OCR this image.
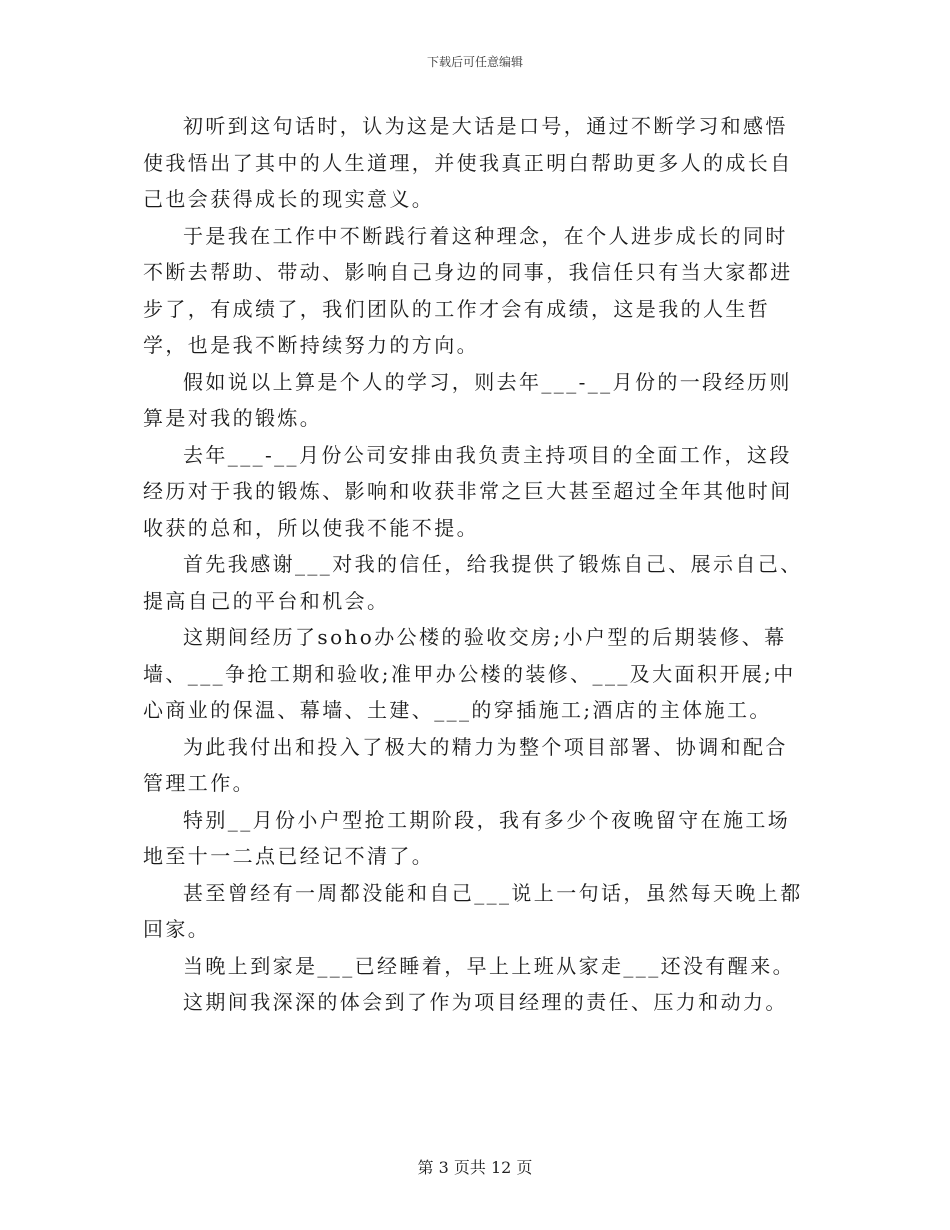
下载后可任意编辑

初听到这句话时，认为这是大话是口号，通过不断学习和感悟使我悟出了其中的人生道理，并使我真正明白帮助更多人的成长自己也会获得成长的现实意义。

于是我在工作中不断践行着这种理念，在个人进步成长的同时不断去帮助、带动、影响自己身边的同事，我信任只有当大家都进步了，有成绩了，我们团队的工作才会有成绩，这是我的人生哲学，也是我不断持续努力的方向。

假如说以上算是个人的学习，则去年___-__月份的一段经历则算是对我的锻炼。

去年___-__月份公司安排由我负责主持项目的全面工作，这段经历对于我的锻炼、影响和收获非常之巨大甚至超过全年其他时间收获的总和，所以使我不能不提。

首先我感谢___对我的信任，给我提供了锻炼自己、展示自己、提高自己的平台和机会。

这期间经历了soho办公楼的验收交房;小户型的后期装修、幕墙、___争抢工期和验收;准甲办公楼的装修、___及大面积开展;中心商业的保温、幕墙、土建、___的穿插施工;酒店的主体施工。

为此我付出和投入了极大的精力为整个项目部署、协调和配合管理工作。

特别__月份小户型抢工期阶段，我有多少个夜晚留守在施工场地至十一二点已经记不清了。

甚至曾经有一周都没能和自己___说上一句话，虽然每天晚上都回家。

当晚上到家是___已经睡着，早上上班从家走___还没有醒来。

这期间我深深的体会到了作为项目经理的责任、压力和动力。

第 3 页共 12 页
